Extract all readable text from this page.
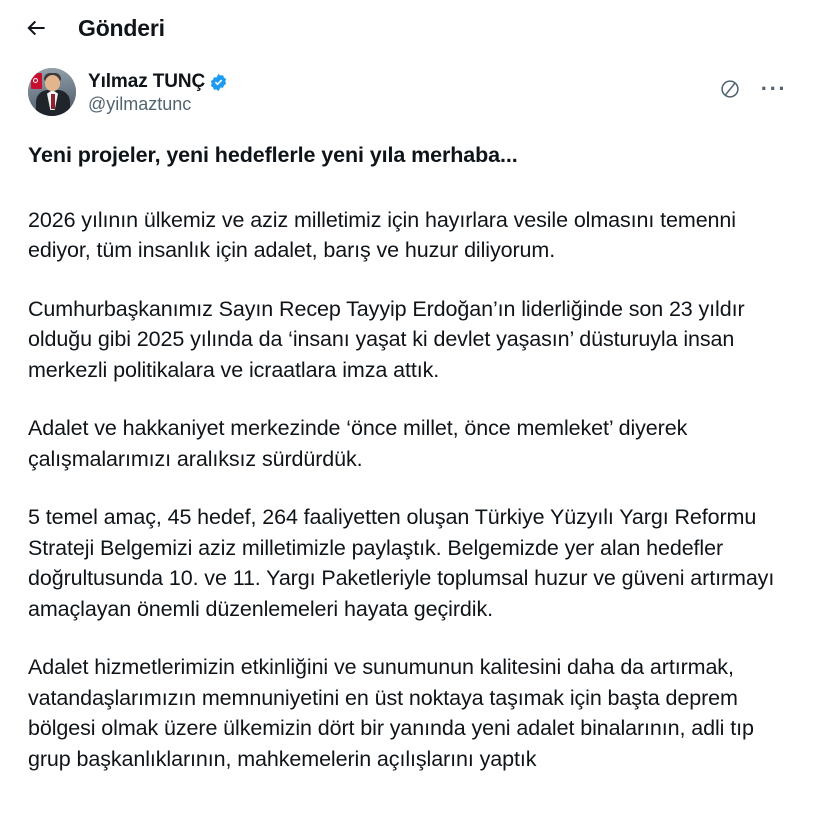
Gönderi
Yılmaz TUNÇ
@yilmaztunc
···

Yeni projeler, yeni hedeflerle yeni yıla merhaba...

2026 yılının ülkemiz ve aziz milletimiz için hayırlara vesile olmasını temenni ediyor, tüm insanlık için adalet, barış ve huzur diliyorum.

Cumhurbaşkanımız Sayın Recep Tayyip Erdoğan’ın liderliğinde son 23 yıldır olduğu gibi 2025 yılında da ‘insanı yaşat ki devlet yaşasın’ düsturuyla insan merkezli politikalara ve icraatlara imza attık.

Adalet ve hakkaniyet merkezinde ‘önce millet, önce memleket’ diyerek çalışmalarımızı aralıksız sürdürdük.

5 temel amaç, 45 hedef, 264 faaliyetten oluşan Türkiye Yüzyılı Yargı Reformu Strateji Belgemizi aziz milletimizle paylaştık. Belgemizde yer alan hedefler doğrultusunda 10. ve 11. Yargı Paketleriyle toplumsal huzur ve güveni artırmayı amaçlayan önemli düzenlemeleri hayata geçirdik.

Adalet hizmetlerimizin etkinliğini ve sunumunun kalitesini daha da artırmak, vatandaşlarımızın memnuniyetini en üst noktaya taşımak için başta deprem bölgesi olmak üzere ülkemizin dört bir yanında yeni adalet binalarının, adli tıp grup başkanlıklarının, mahkemelerin açılışlarını yaptık
